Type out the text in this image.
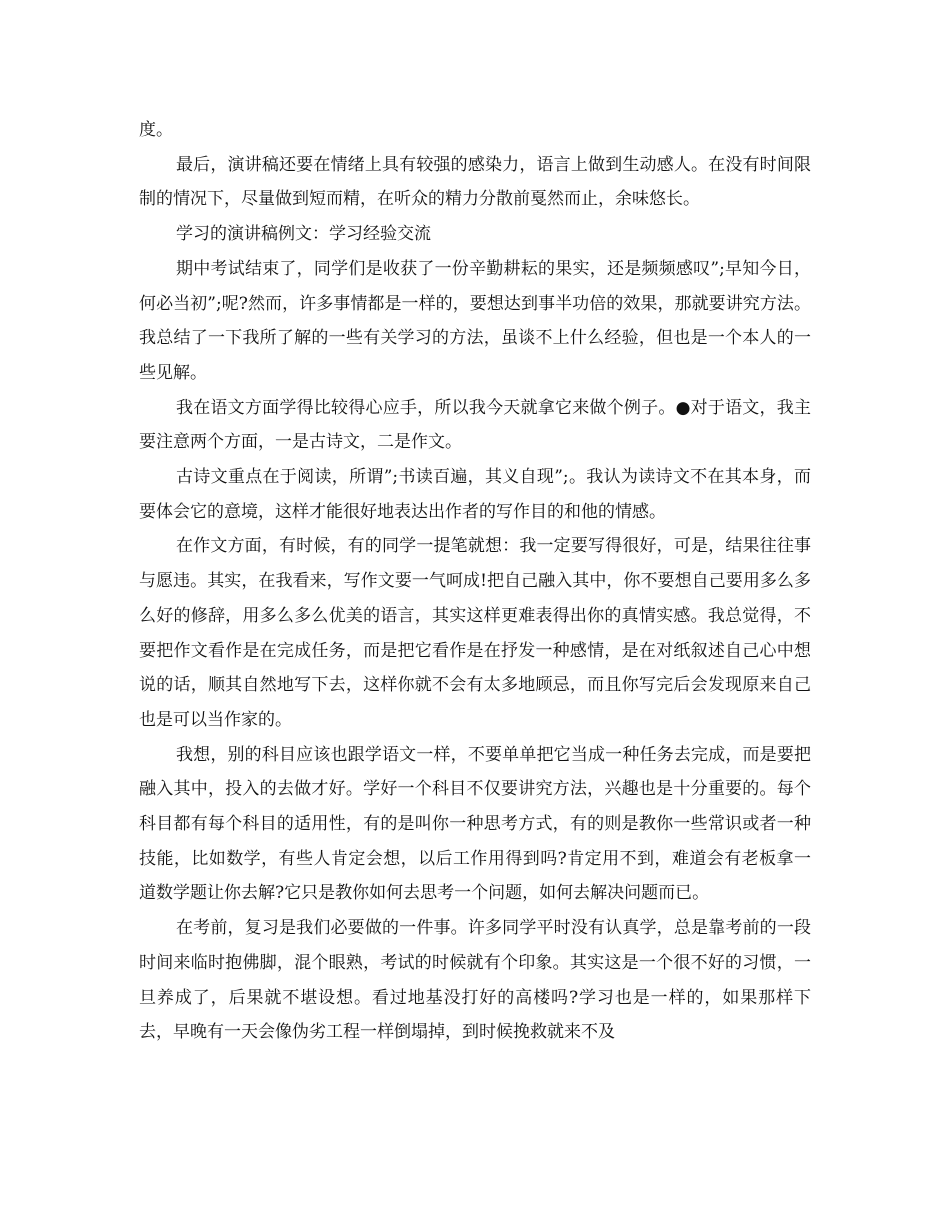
度。

最后，演讲稿还要在情绪上具有较强的感染力，语言上做到生动感人。在没有时间限制的情况下，尽量做到短而精，在听众的精力分散前戛然而止，余味悠长。

学习的演讲稿例文：学习经验交流

期中考试结束了，同学们是收获了一份辛勤耕耘的果实，还是频频感叹”;早知今日，何必当初”;呢?然而，许多事情都是一样的，要想达到事半功倍的效果，那就要讲究方法。我总结了一下我所了解的一些有关学习的方法，虽谈不上什么经验，但也是一个本人的一些见解。

我在语文方面学得比较得心应手，所以我今天就拿它来做个例子。●对于语文，我主要注意两个方面，一是古诗文，二是作文。

古诗文重点在于阅读，所谓”;书读百遍，其义自现”;。我认为读诗文不在其本身，而要体会它的意境，这样才能很好地表达出作者的写作目的和他的情感。

在作文方面，有时候，有的同学一提笔就想：我一定要写得很好，可是，结果往往事与愿违。其实，在我看来，写作文要一气呵成!把自己融入其中，你不要想自己要用多么多么好的修辞，用多么多么优美的语言，其实这样更难表得出你的真情实感。我总觉得，不要把作文看作是在完成任务，而是把它看作是在抒发一种感情，是在对纸叙述自己心中想说的话，顺其自然地写下去，这样你就不会有太多地顾忌，而且你写完后会发现原来自己也是可以当作家的。

我想，别的科目应该也跟学语文一样，不要单单把它当成一种任务去完成，而是要把融入其中，投入的去做才好。学好一个科目不仅要讲究方法，兴趣也是十分重要的。每个科目都有每个科目的适用性，有的是叫你一种思考方式，有的则是教你一些常识或者一种技能，比如数学，有些人肯定会想，以后工作用得到吗?肯定用不到，难道会有老板拿一道数学题让你去解?它只是教你如何去思考一个问题，如何去解决问题而已。

在考前，复习是我们必要做的一件事。许多同学平时没有认真学，总是靠考前的一段时间来临时抱佛脚，混个眼熟，考试的时候就有个印象。其实这是一个很不好的习惯，一旦养成了，后果就不堪设想。看过地基没打好的高楼吗?学习也是一样的，如果那样下去，早晚有一天会像伪劣工程一样倒塌掉，到时候挽救就来不及
